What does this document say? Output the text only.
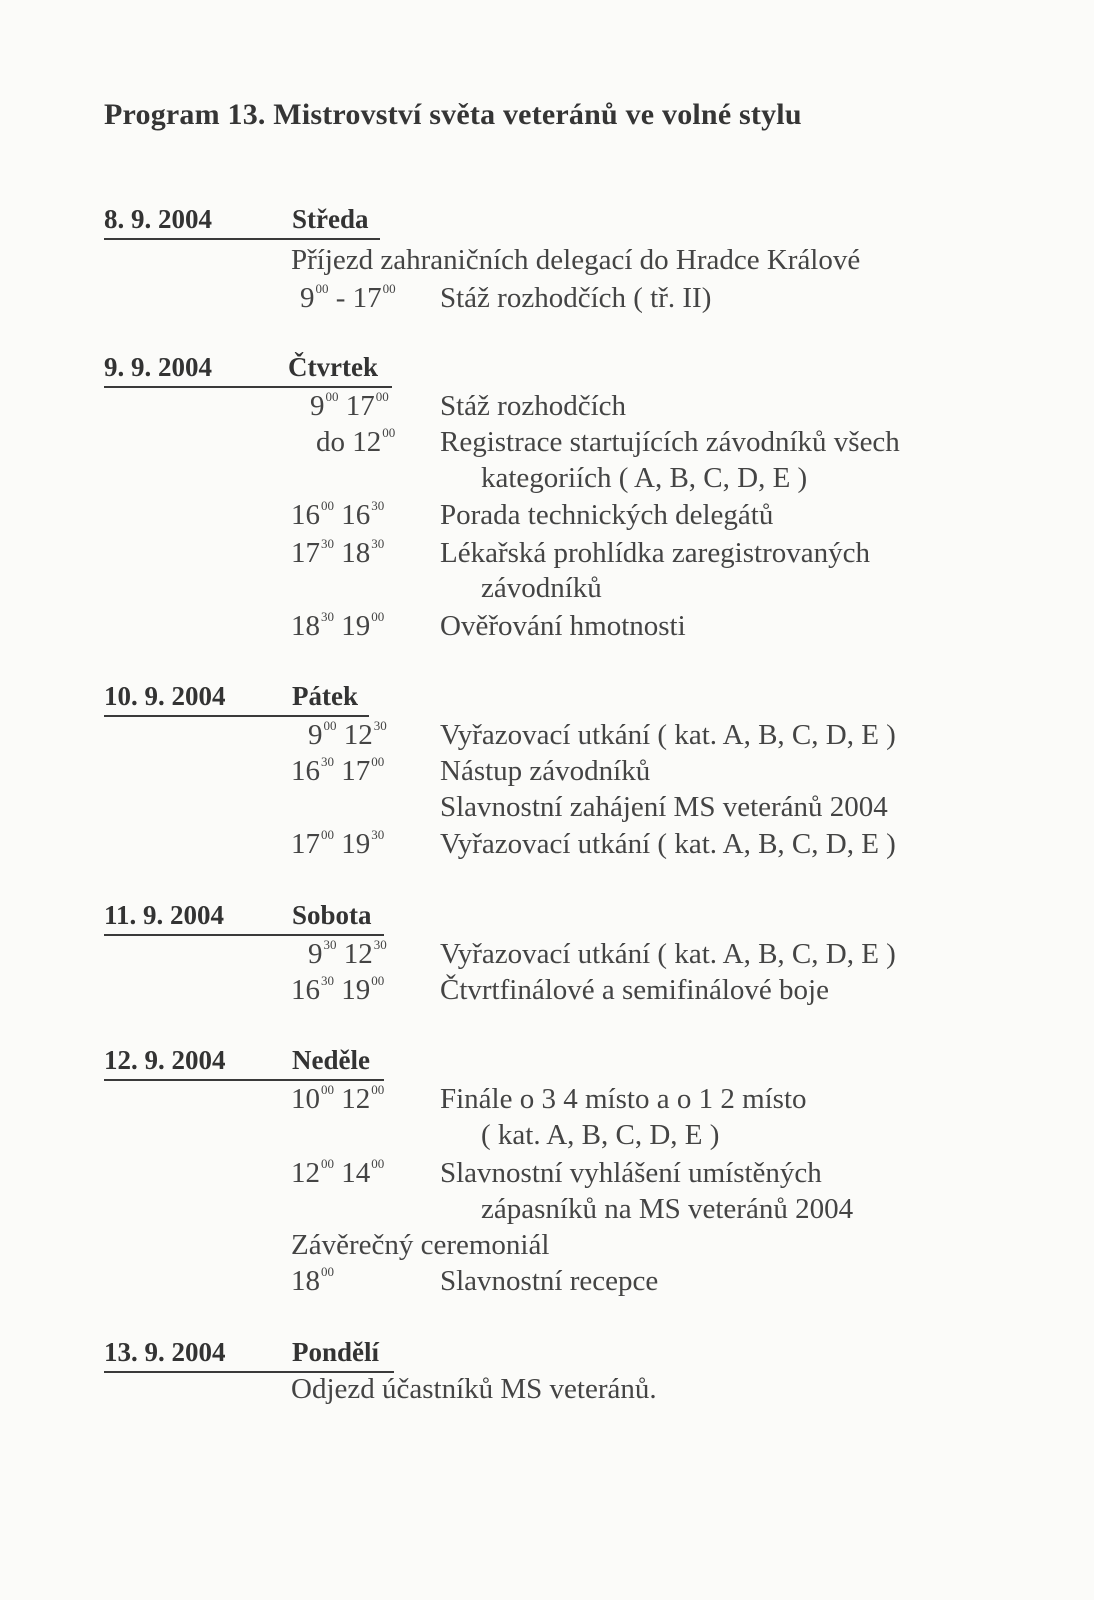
Program 13. Mistrovství světa veteránů ve volné stylu
8. 9. 2004	Středa
Příjezd zahraničních delegací do Hradce Králové
$9^{00} - 17^{00}$ Stáž rozhodčích ( tř. II)
9. 9. 2004	Čtvrtek
$9^{00}$ $17^{00}$ Stáž rozhodčích
do $12^{00}$ Registrace startujících závodníků všech
kategoriích ( A, B, C, D, E )
$16^{00}$ $16^{30}$ Porada technických delegátů
$17^{30}$ $18^{30}$ Lékařská prohlídka zaregistrovaných
závodníků
$18^{30}$ $19^{00}$ Ověřování hmotnosti
10. 9. 2004 Pátek
$9^{00}$ $12^{30}$ Vyřazovací utkání ( kat. A, B, C, D, E )
$16^{30}$ $17^{00}$ Nástup závodníků
Slavnostní zahájení MS veteránů 2004
$17^{00}$ $19^{30}$ Vyřazovací utkání ( kat. A, B, C, D, E )
11. 9. 2004	Sobota
$9^{30}$ $12^{30}$ Vyřazovací utkání ( kat. A, B, C, D, E )
$16^{30}$ $19^{00}$ Čtvrtfinálové a semifinálové boje
12. 9. 2004 Neděle
$10^{00}$ $12^{00}$ Finále o 3 4 místo a o 1 2 místo
( kat. A, B, C, D, E )
$12^{00}$ $14^{00}$ Slavnostní vyhlášení umístěných
zápasníků na MS veteránů 2004
Závěrečný ceremoniál
$18^{00}$	Slavnostní recepce
13. 9. 2004 Pondělí
Odjezd účastníků MS veteránů.
